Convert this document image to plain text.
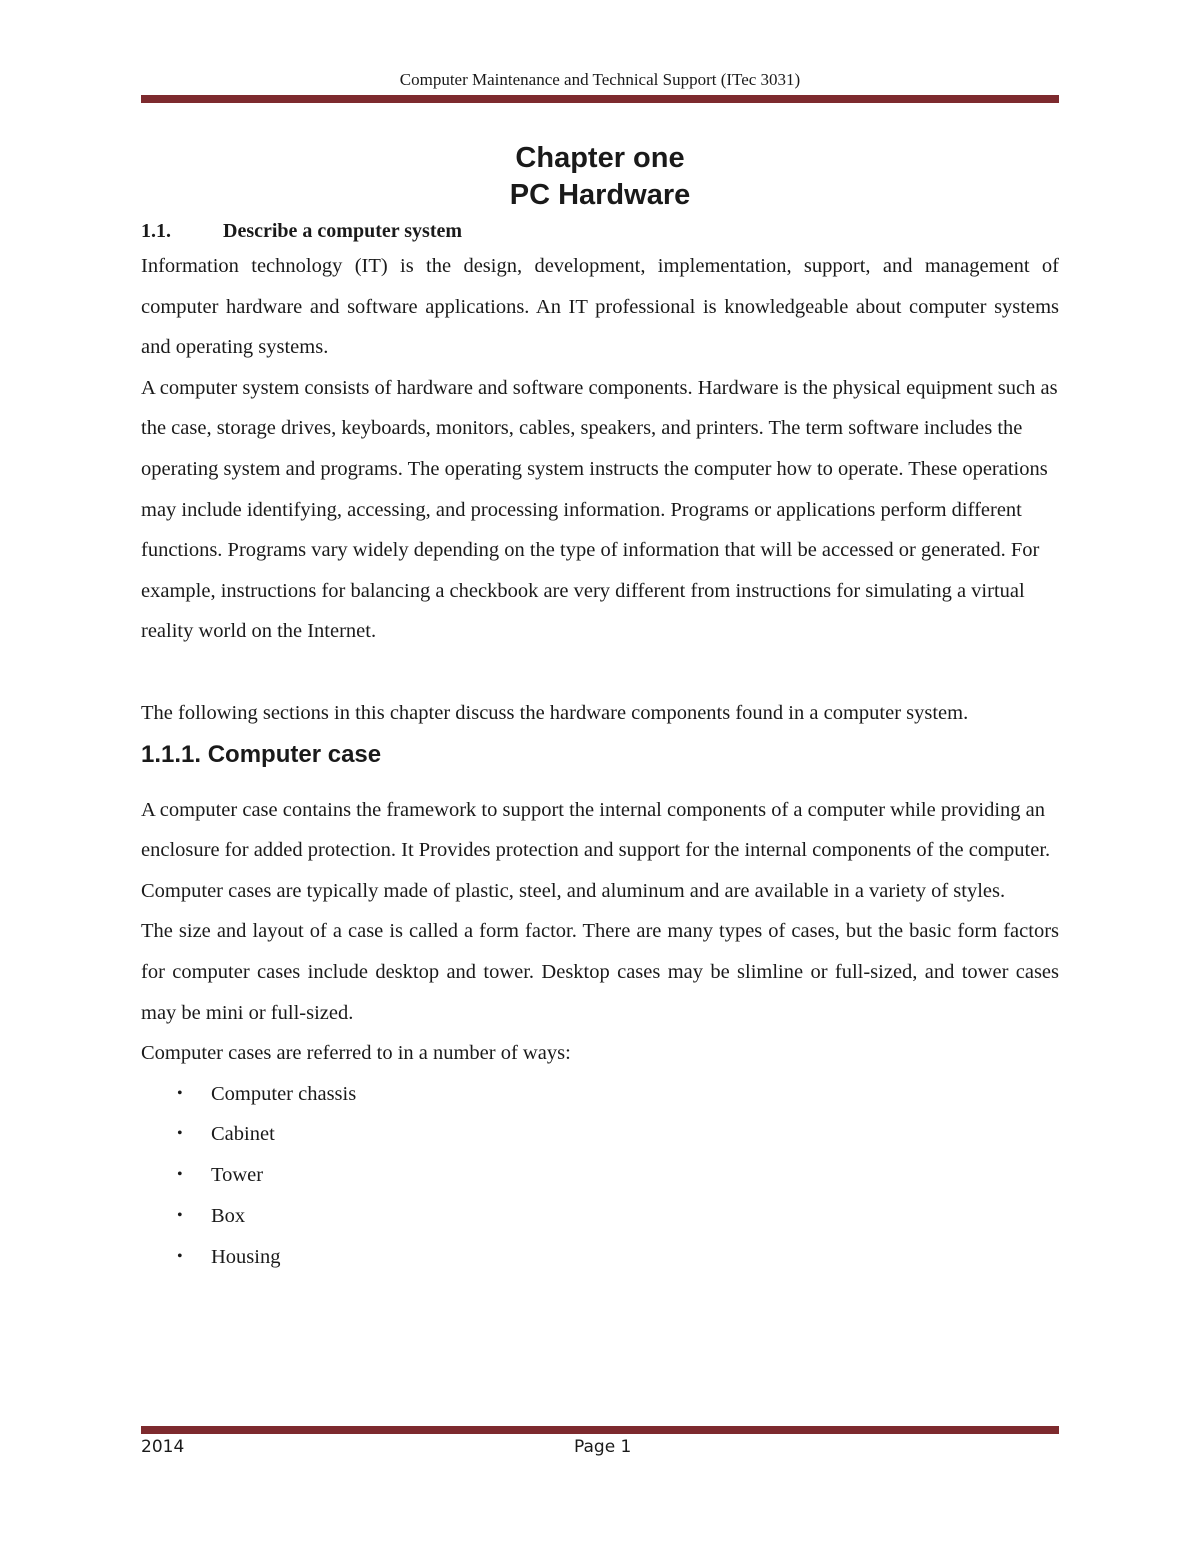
Computer Maintenance and Technical Support (ITec 3031)
Chapter one
PC Hardware
1.1.	Describe a computer system

Information technology (IT) is the design, development, implementation, support, and management of computer hardware and software applications. An IT professional is knowledgeable about computer systems and operating systems.

A computer system consists of hardware and software components. Hardware is the physical equipment such as the case, storage drives, keyboards, monitors, cables, speakers, and printers. The term software includes the operating system and programs. The operating system instructs the computer how to operate. These operations may include identifying, accessing, and processing information. Programs or applications perform different functions. Programs vary widely depending on the type of information that will be accessed or generated. For example, instructions for balancing a checkbook are very different from instructions for simulating a virtual reality world on the Internet.

The following sections in this chapter discuss the hardware components found in a computer system.

1.1.1. Computer case

A computer case contains the framework to support the internal components of a computer while providing an enclosure for added protection. It Provides protection and support for the internal components of the computer. Computer cases are typically made of plastic, steel, and aluminum and are available in a variety of styles.

The size and layout of a case is called a form factor. There are many types of cases, but the basic form factors for computer cases include desktop and tower. Desktop cases may be slimline or full-sized, and tower cases may be mini or full-sized.

Computer cases are referred to in a number of ways:

• Computer chassis
• Cabinet
• Tower
• Box
• Housing
2014	Page 1
